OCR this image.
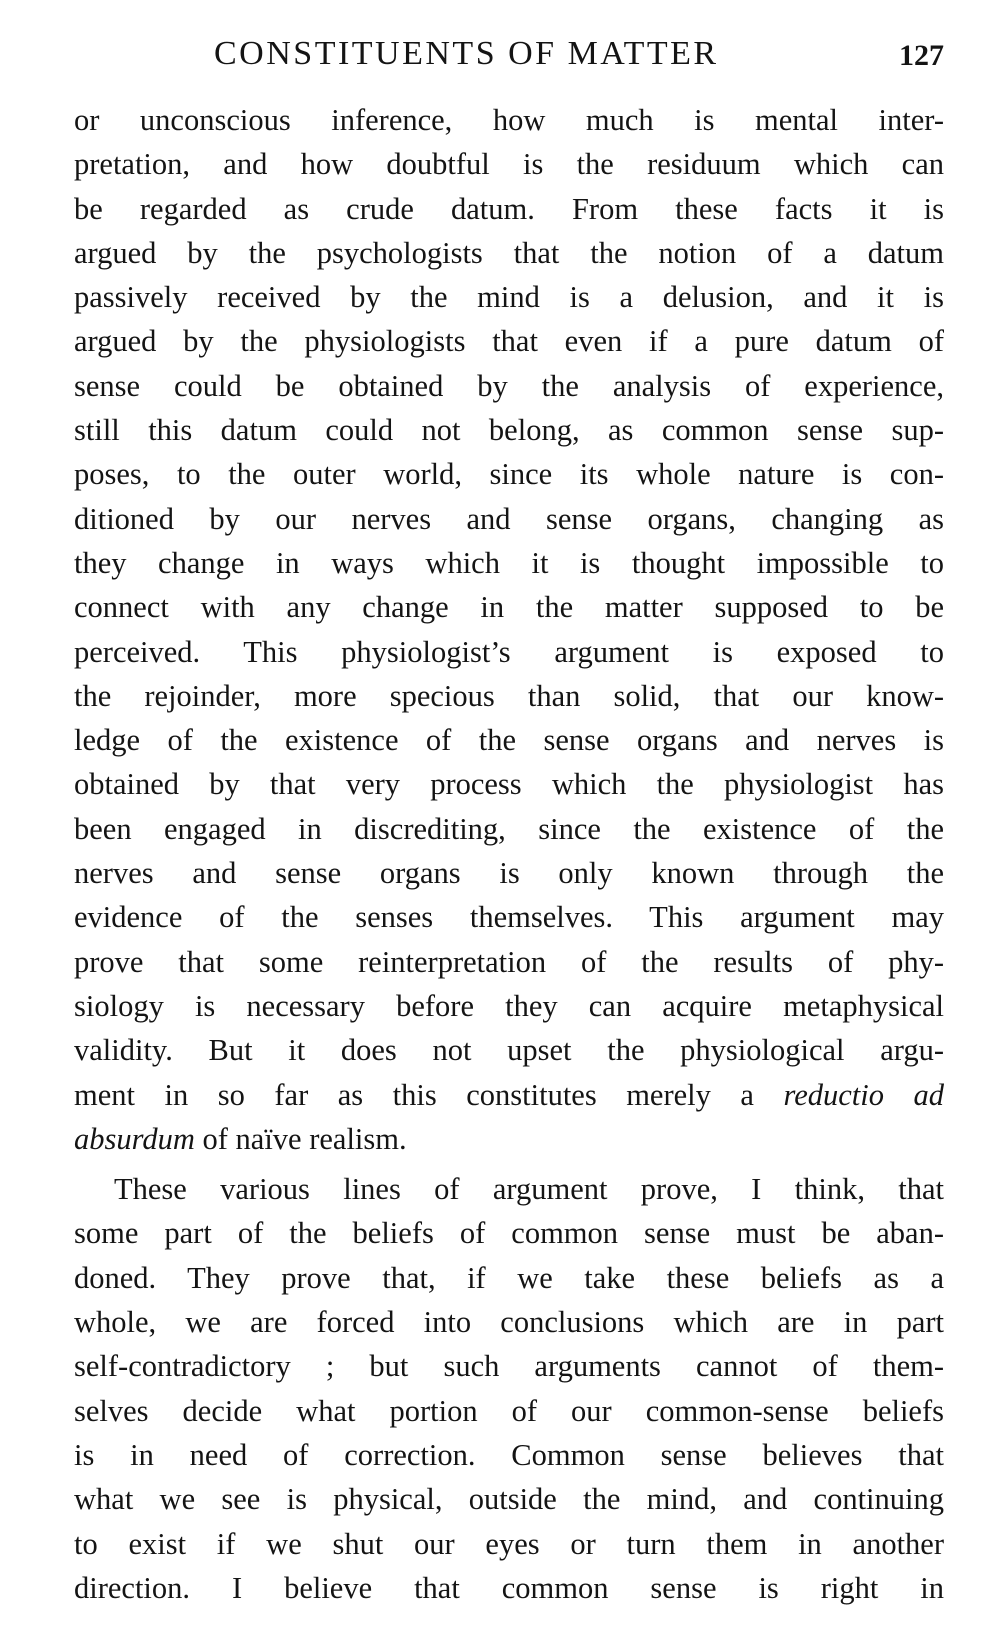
CONSTITUENTS OF MATTER	127
or unconscious inference, how much is mental inter-
pretation, and how doubtful is the residuum which can
be regarded as crude datum. From these facts it is
argued by the psychologists that the notion of a datum
passively received by the mind is a delusion, and it is
argued by the physiologists that even if a pure datum of
sense could be obtained by the analysis of experience,
still this datum could not belong, as common sense sup-
poses, to the outer world, since its whole nature is con-
ditioned by our nerves and sense organs, changing as
they change in ways which it is thought impossible to
connect with any change in the matter supposed to be
perceived. This physiologist’s argument is exposed to
the rejoinder, more specious than solid, that our know-
ledge of the existence of the sense organs and nerves is
obtained by that very process which the physiologist has
been engaged in discrediting, since the existence of the
nerves and sense organs is only known through the
evidence of the senses themselves. This argument may
prove that some reinterpretation of the results of phy-
siology is necessary before they can acquire metaphysical
validity. But it does not upset the physiological argu-
ment in so far as this constitutes merely a reductio ad
absurdum of naïve realism.
These various lines of argument prove, I think, that
some part of the beliefs of common sense must be aban-
doned. They prove that, if we take these beliefs as a
whole, we are forced into conclusions which are in part
self-contradictory ; but such arguments cannot of them-
selves decide what portion of our common-sense beliefs
is in need of correction. Common sense believes that
what we see is physical, outside the mind, and continuing
to exist if we shut our eyes or turn them in another
direction. I believe that common sense is right in
